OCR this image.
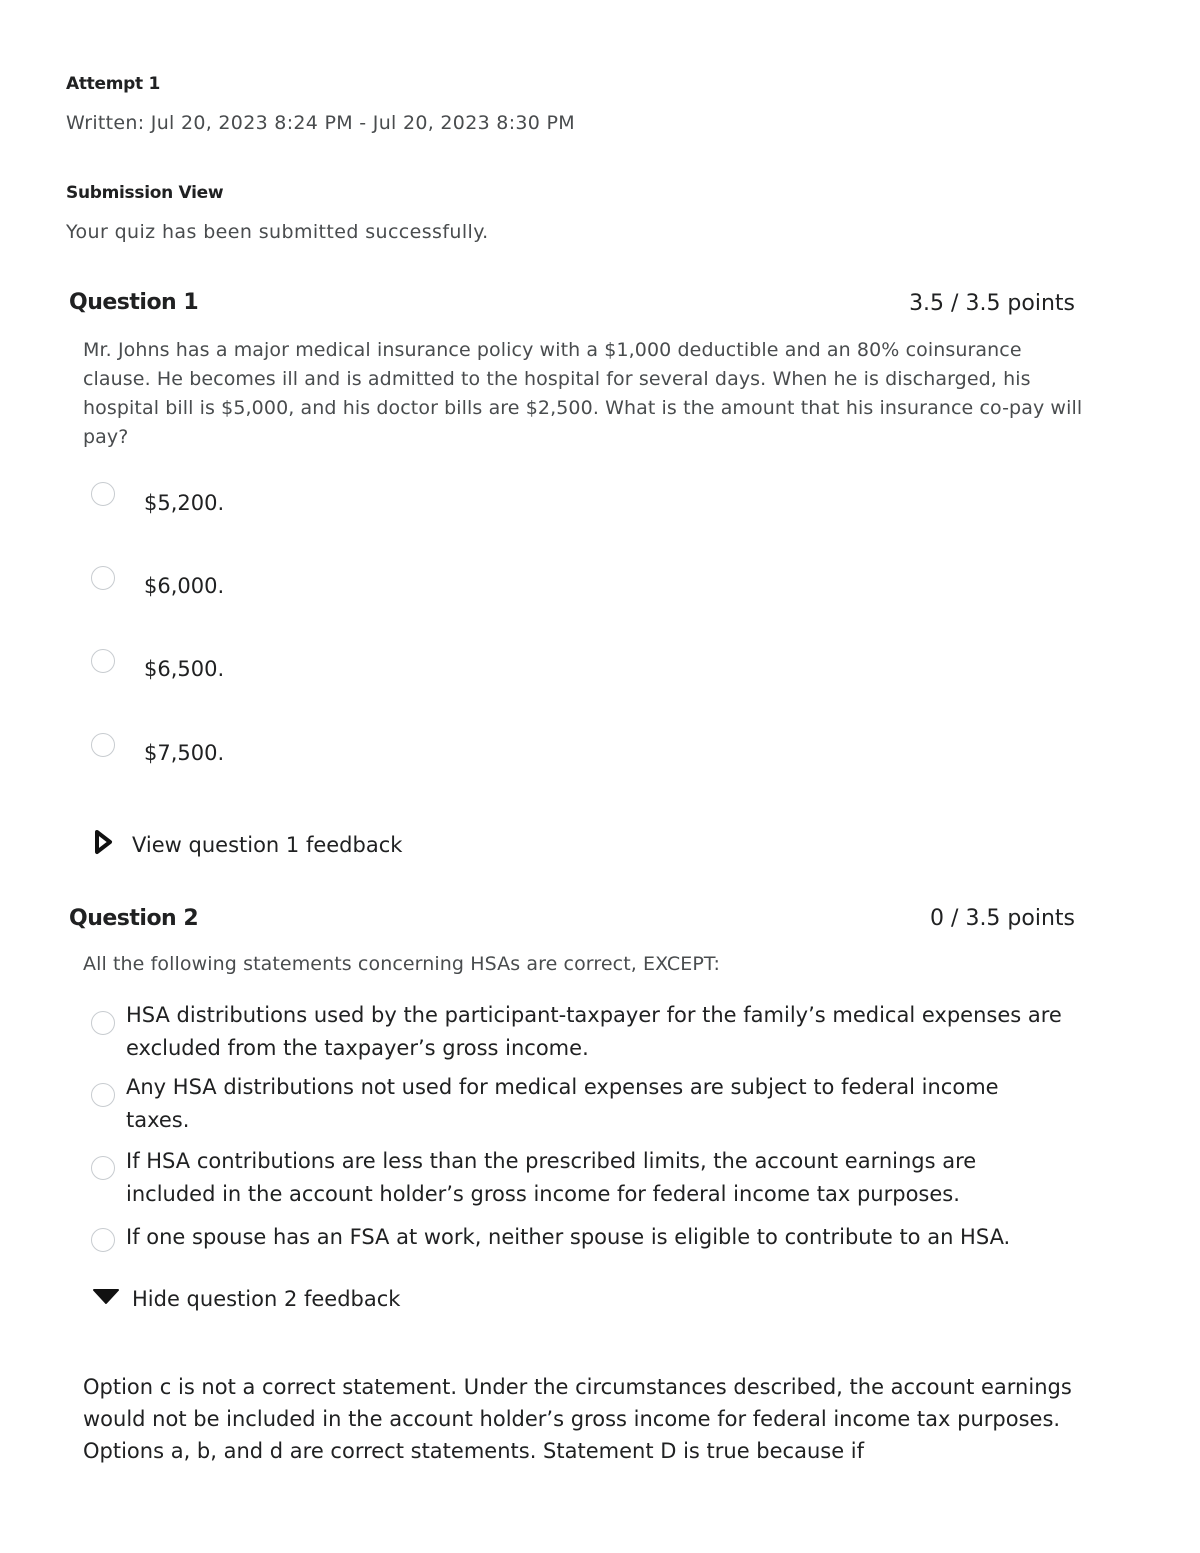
Attempt 1
Written: Jul 20, 2023 8:24 PM - Jul 20, 2023 8:30 PM
Submission View
Your quiz has been submitted successfully.
Question 1	3.5 / 3.5 points
Mr. Johns has a major medical insurance policy with a $1,000 deductible and an 80% coinsurance clause. He becomes ill and is admitted to the hospital for several days. When he is discharged, his hospital bill is $5,000, and his doctor bills are $2,500. What is the amount that his insurance co-pay will pay?
$5,200.
$6,000.
$6,500.
$7,500.
View question 1 feedback
Question 2	0 / 3.5 points
All the following statements concerning HSAs are correct, EXCEPT:
HSA distributions used by the participant-taxpayer for the family’s medical expenses are excluded from the taxpayer’s gross income.
Any HSA distributions not used for medical expenses are subject to federal income taxes.
If HSA contributions are less than the prescribed limits, the account earnings are included in the account holder’s gross income for federal income tax purposes.
If one spouse has an FSA at work, neither spouse is eligible to contribute to an HSA.
Hide question 2 feedback
Option c is not a correct statement. Under the circumstances described, the account earnings would not be included in the account holder’s gross income for federal income tax purposes. Options a, b, and d are correct statements. Statement D is true because if
